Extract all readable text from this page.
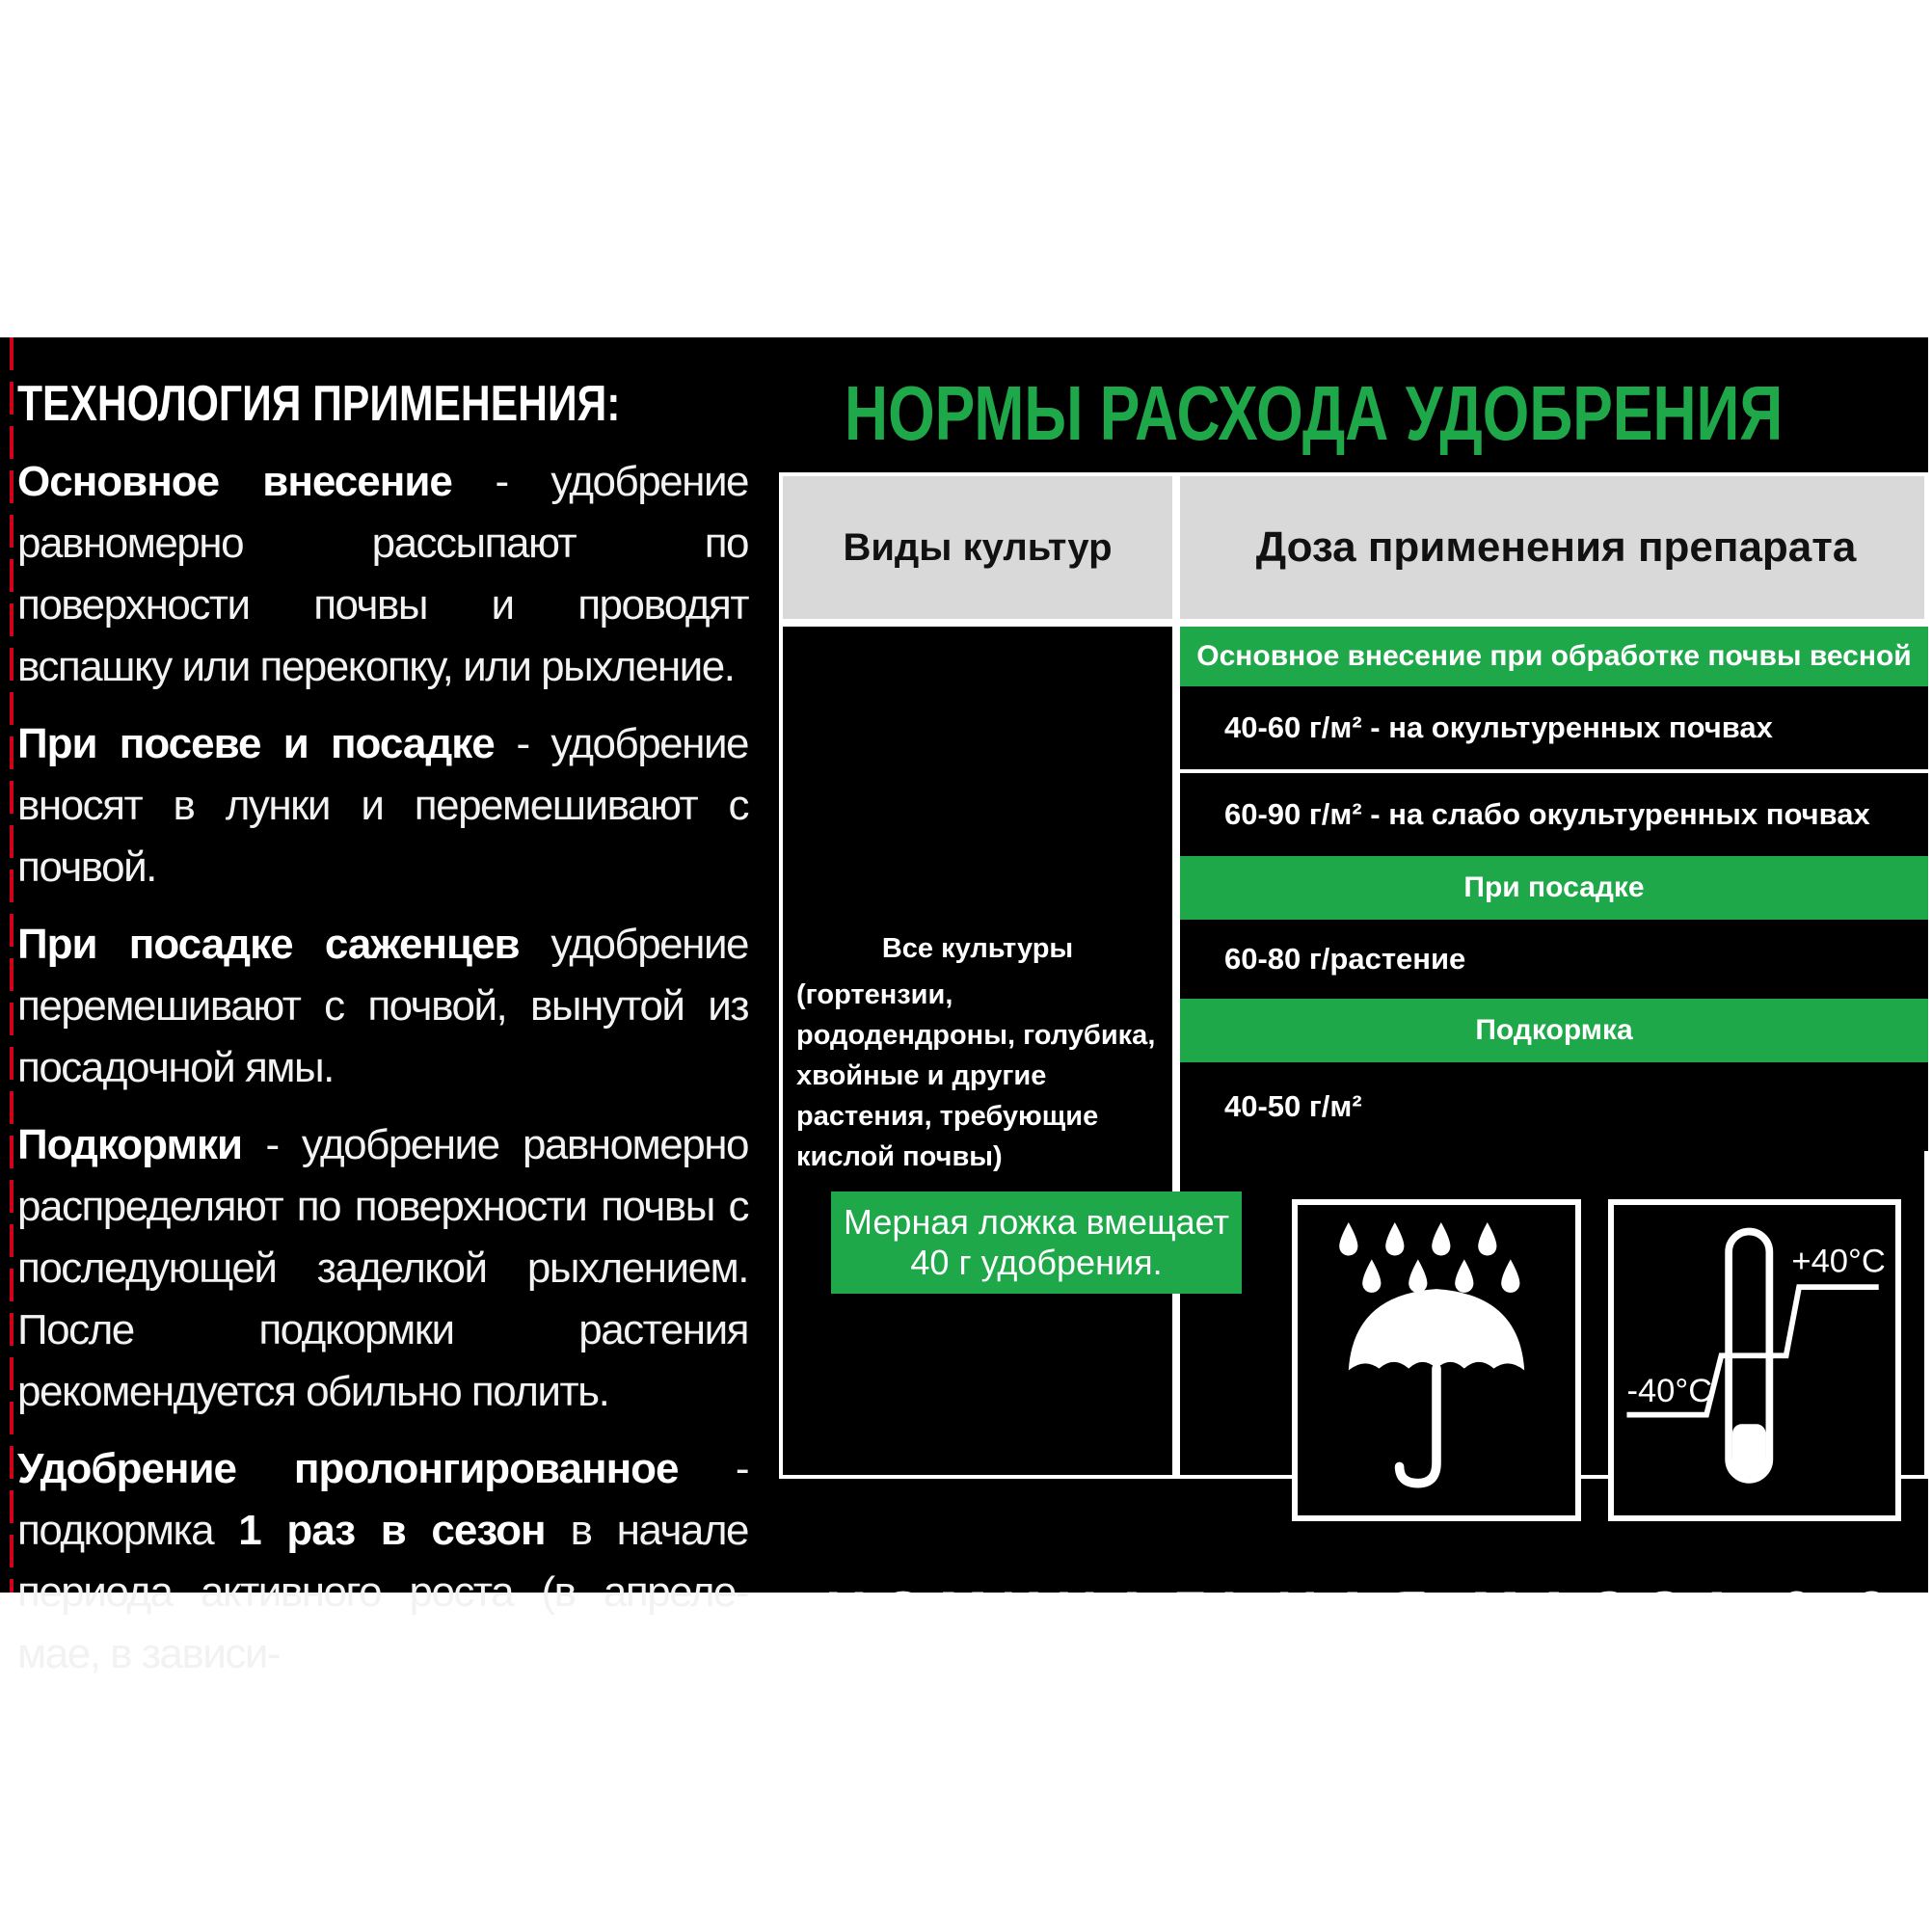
ТЕХНОЛОГИЯ ПРИМЕНЕНИЯ:

Основное внесение - удобрение равномерно рассыпают по поверхности почвы и проводят вспашку или перекопку, или рыхление.

При посеве и посадке - удобрение вносят в лунки и перемешивают с почвой.

При посадке саженцев удобрение перемешивают с почвой, вынутой из посадочной ямы.

Подкормки - удобрение равномерно распределяют по поверхности почвы с последующей заделкой рыхлением. После подкормки растения рекомендуется обильно полить.

Удобрение пролонгированное - подкормка 1 раз в сезон в начале периода активного роста (в апреле-мае, в зависи-

НОРМЫ РАСХОДА УДОБРЕНИЯ
Виды культур	Доза применения препарата
Все культуры
(гортензии, рододендроны, голубика, хвойные и другие растения, требующие кислой почвы)
Основное внесение при обработке почвы весной
40-60 г/м² - на окультуренных почвах
60-90 г/м² - на слабо окультуренных почвах
При посадке
60-80 г/растение
Подкормка
40-50 г/м²
Мерная ложка вмещает 40 г удобрения.	+40°C
-40°C
НОМИНАЛЬНАЯ МАССА 0,9
